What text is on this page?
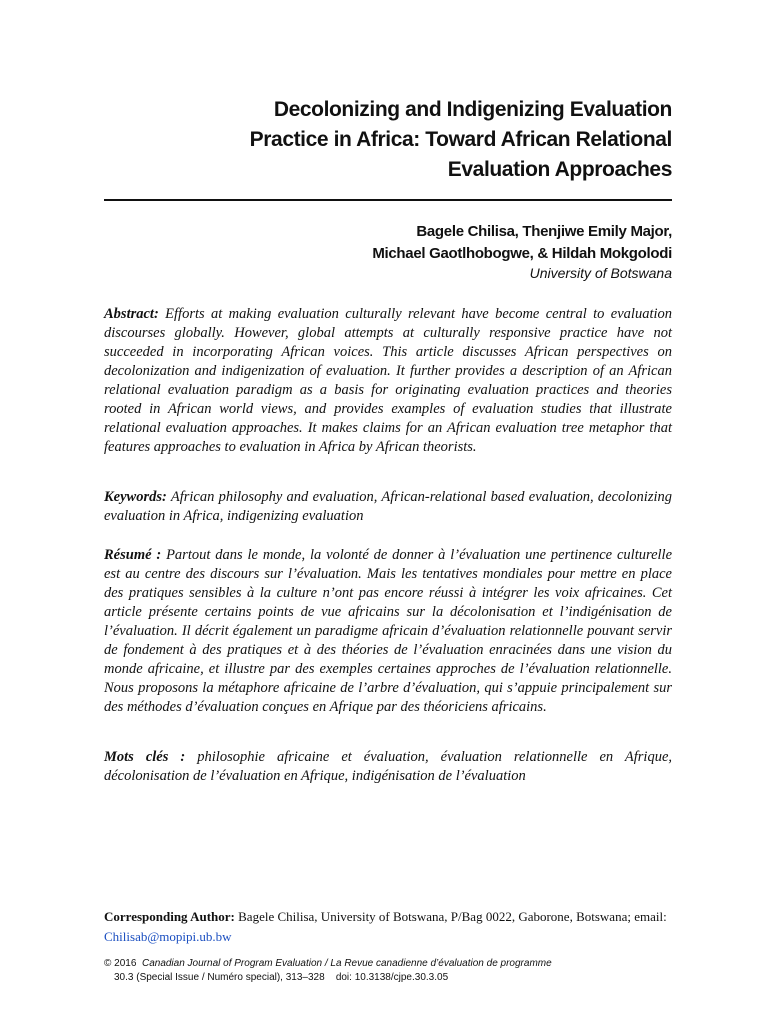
Decolonizing and Indigenizing Evaluation
Practice in Africa: Toward African Relational
Evaluation Approaches
Bagele Chilisa, Thenjiwe Emily Major,
Michael Gaotlhobogwe, & Hildah Mokgolodi
University of Botswana

Abstract: Efforts at making evaluation culturally relevant have become central to evaluation discourses globally. However, global attempts at culturally responsive practice have not succeeded in incorporating African voices. This article discusses African perspectives on decolonization and indigenization of evaluation. It further provides a description of an African relational evaluation paradigm as a basis for originating evaluation practices and theories rooted in African world views, and provides examples of evaluation studies that illustrate relational evaluation approaches. It makes claims for an African evaluation tree metaphor that features approaches to evaluation in Africa by African theorists.

Keywords: African philosophy and evaluation, African-relational based evaluation, decolonizing evaluation in Africa, indigenizing evaluation

Résumé : Partout dans le monde, la volonté de donner à l’évaluation une pertinence culturelle est au centre des discours sur l’évaluation. Mais les tentatives mondiales pour mettre en place des pratiques sensibles à la culture n’ont pas encore réussi à intégrer les voix africaines. Cet article présente certains points de vue africains sur la décolonisation et l’indigénisation de l’évaluation. Il décrit également un paradigme africain d’évaluation relationnelle pouvant servir de fondement à des pratiques et à des théories de l’évaluation enracinées dans une vision du monde africaine, et illustre par des exemples certaines approches de l’évaluation relationnelle. Nous proposons la métaphore africaine de l’arbre d’évaluation, qui s’appuie principalement sur des méthodes d’évaluation conçues en Afrique par des théoriciens africains.

Mots clés : philosophie africaine et évaluation, évaluation relationnelle en Afrique, décolonisation de l’évaluation en Afrique, indigénisation de l’évaluation

Corresponding Author: Bagele Chilisa, University of Botswana, P/Bag 0022, Gaborone, Botswana; email: Chilisab@mopipi.ub.bw

© 2016 Canadian Journal of Program Evaluation / La Revue canadienne d’évaluation de programme
30.3 (Special Issue / Numéro special), 313–328 doi: 10.3138/cjpe.30.3.05
